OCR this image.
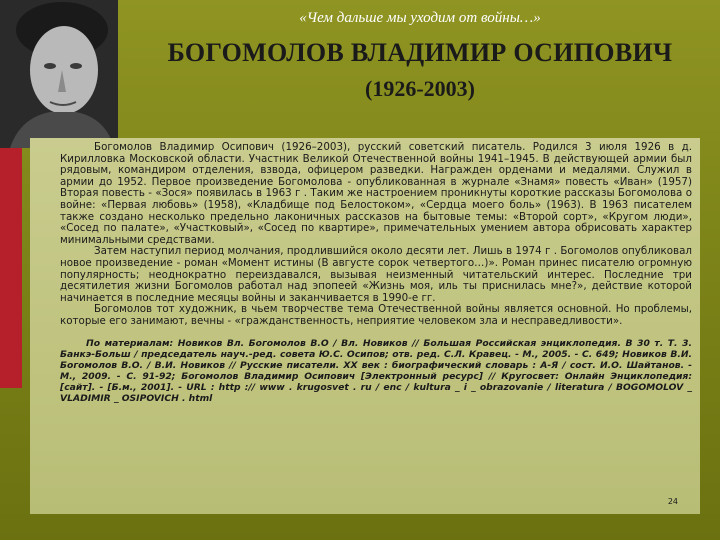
«Чем дальше мы уходим от войны…»
БОГОМОЛОВ ВЛАДИМИР ОСИПОВИЧ
(1926-2003)

Богомолов Владимир Осипович (1926–2003), русский советский писатель. Родился 3 июля 1926 в д. Кирилловка Московской области. Участник Великой Отечественной войны 1941–1945. В действующей армии был рядовым, командиром отделения, взвода, офицером разведки. Награжден орденами и медалями. Служил в армии до 1952. Первое произведение Богомолова - опубликованная в журнале «Знамя» повесть «Иван» (1957) Вторая повесть - «Зося» появилась в 1963 г . Таким же настроением проникнуты короткие рассказы Богомолова о войне: «Первая любовь» (1958), «Кладбище под Белостоком», «Сердца моего боль» (1963). В 1963 писателем также создано несколько предельно лаконичных рассказов на бытовые темы: «Второй сорт», «Кругом люди», «Сосед по палате», «Участковый», «Сосед по квартире», примечательных умением автора обрисовать характер минимальными средствами.

Затем наступил период молчания, продлившийся около десяти лет. Лишь в 1974 г . Богомолов опубликовал новое произведение - роман «Момент истины (В августе сорок четвертого…)». Роман принес писателю огромную популярность; неоднократно переиздавался, вызывая неизменный читательский интерес. Последние три десятилетия жизни Богомолов работал над эпопеей «Жизнь моя, иль ты приснилась мне?», действие которой начинается в последние месяцы войны и заканчивается в 1990-е гг.

Богомолов тот художник, в чьем творчестве тема Отечественной войны является основной. Но проблемы, которые его занимают, вечны - «гражданственность, неприятие человеком зла и несправедливости».

По материалам: Новиков Вл. Богомолов В.О / Вл. Новиков // Большая Российская энциклопедия. В 30 т. Т. 3. Банкэ-Больш / председатель науч.-ред. совета Ю.С. Осипов; отв. ред. С.Л. Кравец. - М., 2005. - С. 649; Новиков В.И. Богомолов В.О. / В.И. Новиков // Русские писатели. XX век : биографический словарь : А-Я / сост. И.О. Шайтанов. - М., 2009. - С. 91-92; Богомолов Владимир Осипович [Электронный ресурс] // Кругосвет: Онлайн Энциклопедия: [сайт]. - [Б.м., 2001]. - URL : http :// www . krugosvet . ru / enc / kultura _ i _ obrazovanie / literatura / BOGOMOLOV _ VLADIMIR _ OSIPOVICH . html

24
